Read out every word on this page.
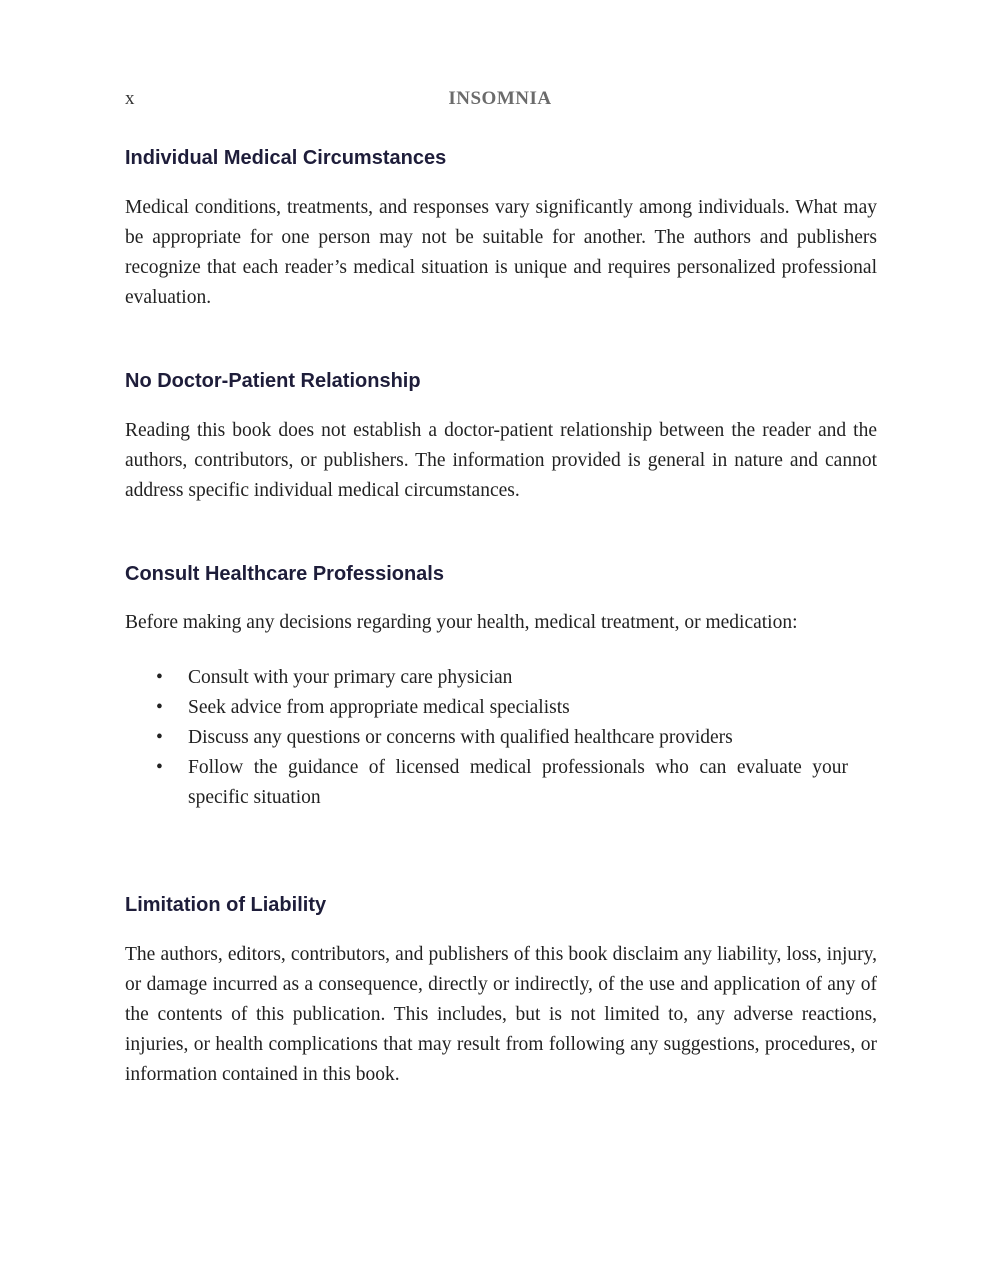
x	INSOMNIA
Individual Medical Circumstances

Medical conditions, treatments, and responses vary significantly among individuals. What may be appropriate for one person may not be suitable for another. The authors and publishers recognize that each reader’s medical situation is unique and requires personalized professional evaluation.

No Doctor-Patient Relationship

Reading this book does not establish a doctor-patient relationship between the reader and the authors, contributors, or publishers. The information provided is general in nature and cannot address specific individual medical circumstances.

Consult Healthcare Professionals

Before making any decisions regarding your health, medical treatment, or medication:

• Consult with your primary care physician
• Seek advice from appropriate medical specialists
• Discuss any questions or concerns with qualified healthcare providers
• Follow the guidance of licensed medical professionals who can evaluate your specific situation
Limitation of Liability

The authors, editors, contributors, and publishers of this book disclaim any liability, loss, injury, or damage incurred as a consequence, directly or indirectly, of the use and application of any of the contents of this publication. This includes, but is not limited to, any adverse reactions, injuries, or health complications that may result from following any suggestions, procedures, or information contained in this book.
